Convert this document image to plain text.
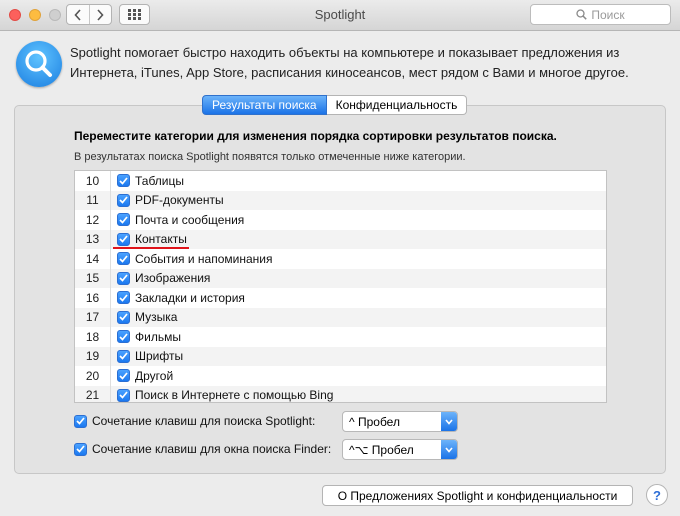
Spotlight	Поиск
Spotlight помогает быстро находить объекты на компьютере и показывает предложения из Интернета, iTunes, App Store, расписания киносеансов, мест рядом с Вами и многое другое.
Результаты поиска	Конфиденциальность
Переместите категории для изменения порядка сортировки результатов поиска.
В результатах поиска Spotlight появятся только отмеченные ниже категории.
10	Таблицы
11	PDF-документы
12	Почта и сообщения
13	Контакты
14	События и напоминания
15	Изображения
16	Закладки и история
17	Музыка
18	Фильмы
19	Шрифты
20	Другой
21	Поиск в Интернете с помощью Bing
Сочетание клавиш для поиска Spotlight:	^ Пробел
Сочетание клавиш для окна поиска Finder:	^⌥ Пробел
О Предложениях Spotlight и конфиденциальности	?
